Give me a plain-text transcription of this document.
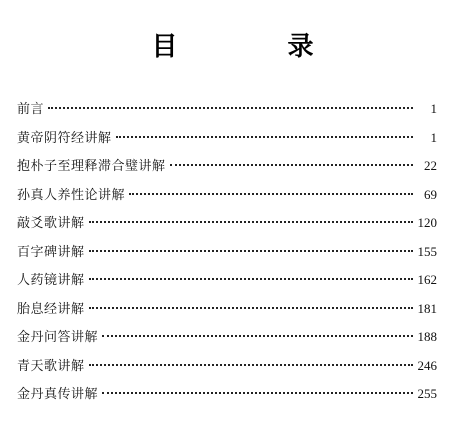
目　录
前言	1
黄帝阴符经讲解	1
抱朴子至理释滞合璧讲解	22
孙真人养性论讲解	69
敲爻歌讲解	120
百字碑讲解	155
人药镜讲解	162
胎息经讲解	181
金丹问答讲解	188
青天歌讲解	246
金丹真传讲解	255
